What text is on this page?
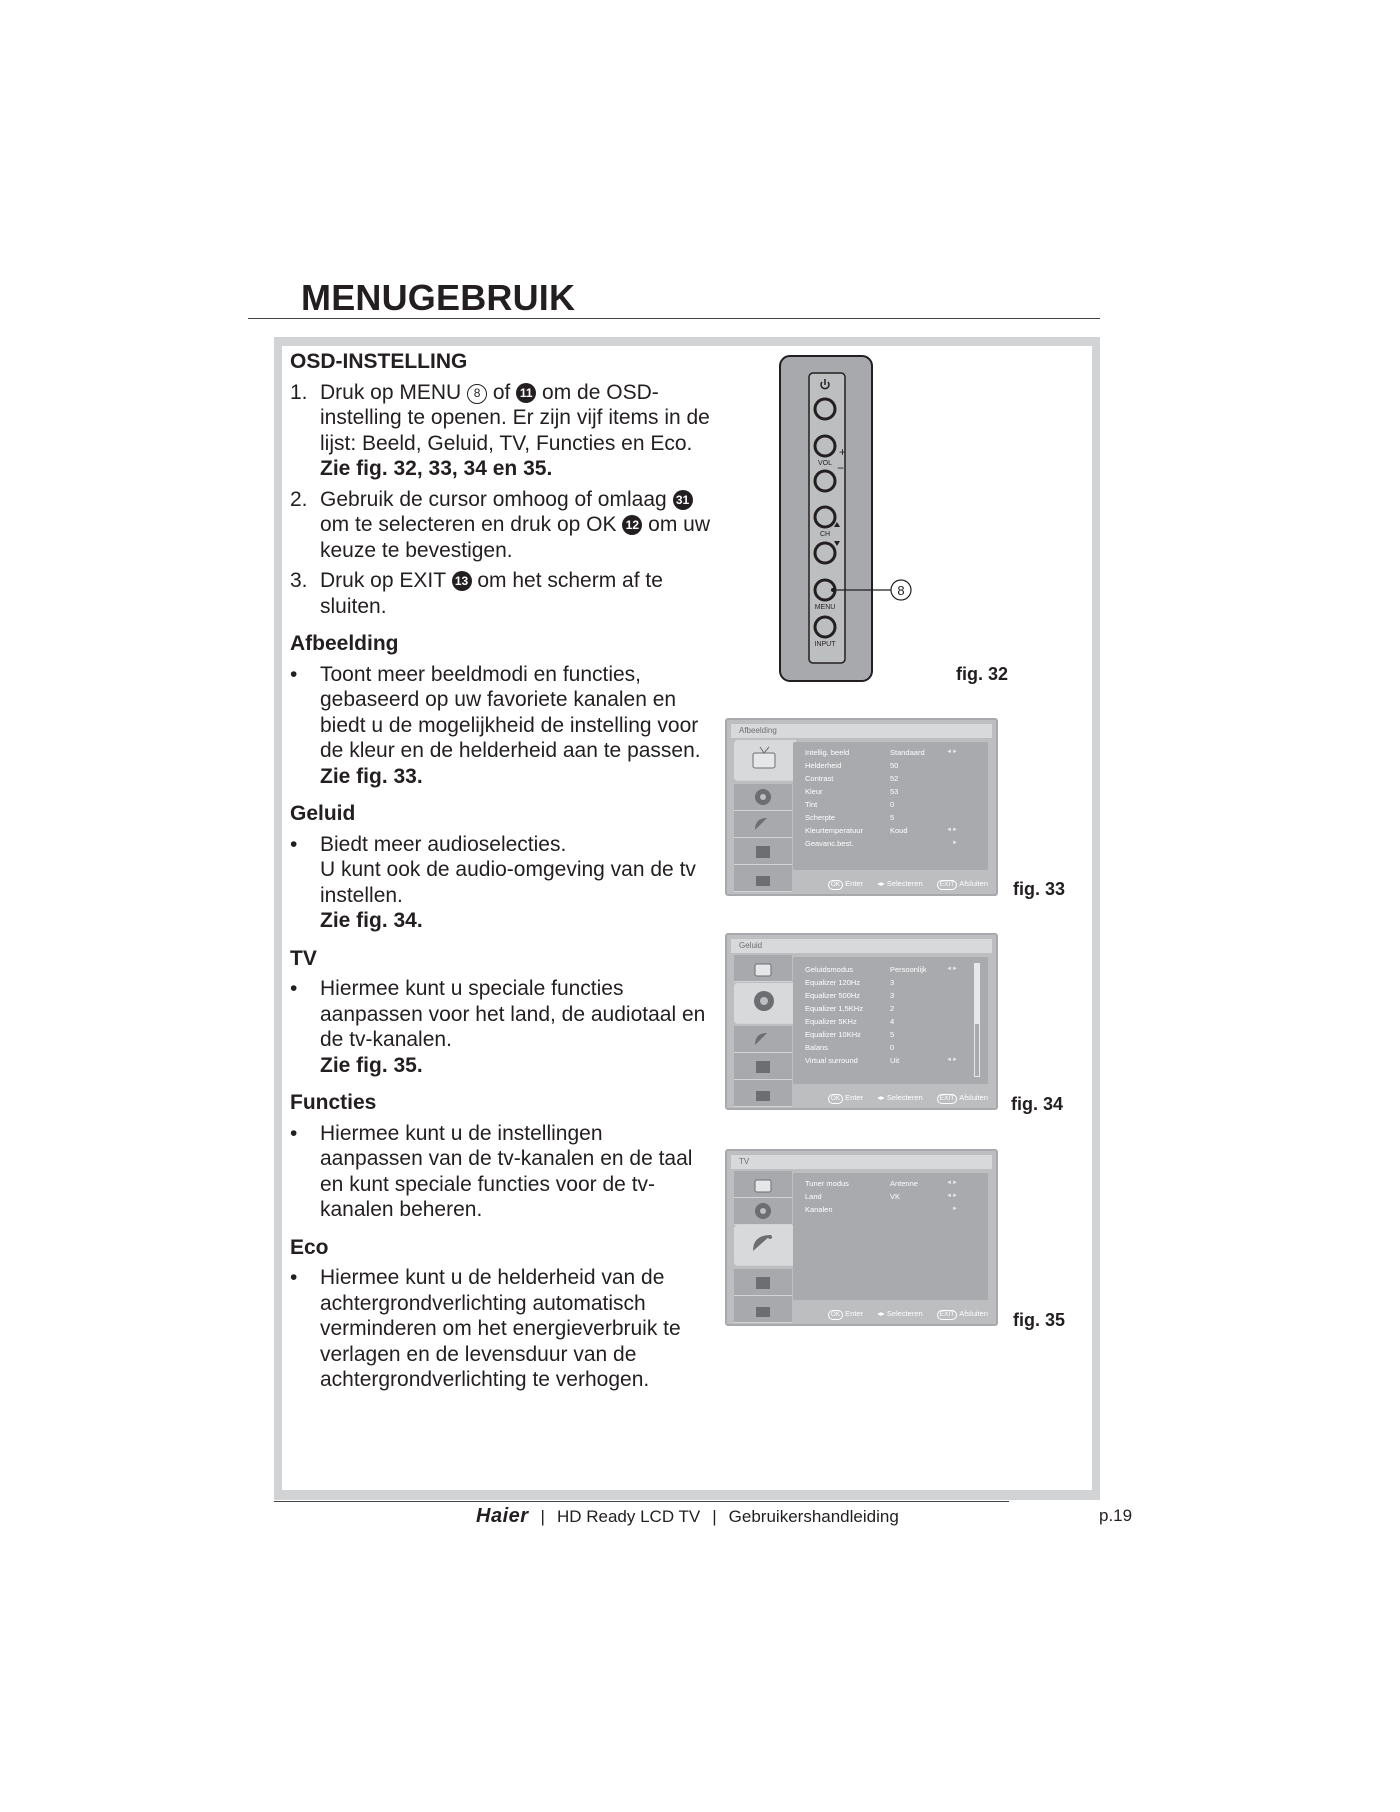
MENUGEBRUIK
OSD-INSTELLING
1. Druk op MENU 8 of 11 om de OSD-instelling te openen. Er zijn vijf items in de lijst: Beeld, Geluid, TV, Functies en Eco.
Zie fig. 32, 33, 34 en 35.
2. Gebruik de cursor omhoog of omlaag 31 om te selecteren en druk op OK 12 om uw keuze te bevestigen.
3. Druk op EXIT 13 om het scherm af te sluiten.
Afbeelding
• Toont meer beeldmodi en functies, gebaseerd op uw favoriete kanalen en biedt u de mogelijkheid de instelling voor de kleur en de helderheid aan te passen.
Zie fig. 33.
Geluid
• Biedt meer audioselecties.
U kunt ook de audio-omgeving van de tv instellen.
Zie fig. 34.
TV
• Hiermee kunt u speciale functies aanpassen voor het land, de audiotaal en de tv-kanalen.
Zie fig. 35.
Functies
• Hiermee kunt u de instellingen aanpassen van de tv-kanalen en de taal en kunt speciale functies voor de tv-kanalen beheren.
Eco
• Hiermee kunt u de helderheid van de achtergrondverlichting automatisch verminderen om het energieverbruik te verlagen en de levensduur van de achtergrondverlichting te verhogen.
+
VOL −
CH
8
MENU
INPUT
fig. 32
Afbeelding
Intellig. beeld	Standaard	◄►
Helderheid	50
Contrast	52
Kleur	53
Tint	0
Scherpte	5
Kleurtemperatuur	Koud	◄►
Geavanc.best.	►
OK Enter ◂▸ Selecteren	EXIT Afsluiten fig. 33
Geluid
Geluidsmodus	Persoonlijk	◄►
Equalizer 120Hz	3
Equalizer 500Hz	3
Equalizer 1,5KHz	2
Equalizer 5KHz	4
Equalizer 10KHz	5
Balans	0
Virtual surround	Uit	◄►
OK Enter ◂▸ Selecteren	EXIT Afsluiten fig. 34
TV
Tuner modus	Antenne	◄►
Land	VK	◄►
Kanalen	►
OK Enter ◂▸ Selecteren	EXIT Afsluiten fig. 35
Haier | HD Ready LCD TV | Gebruikershandleiding	p.19
